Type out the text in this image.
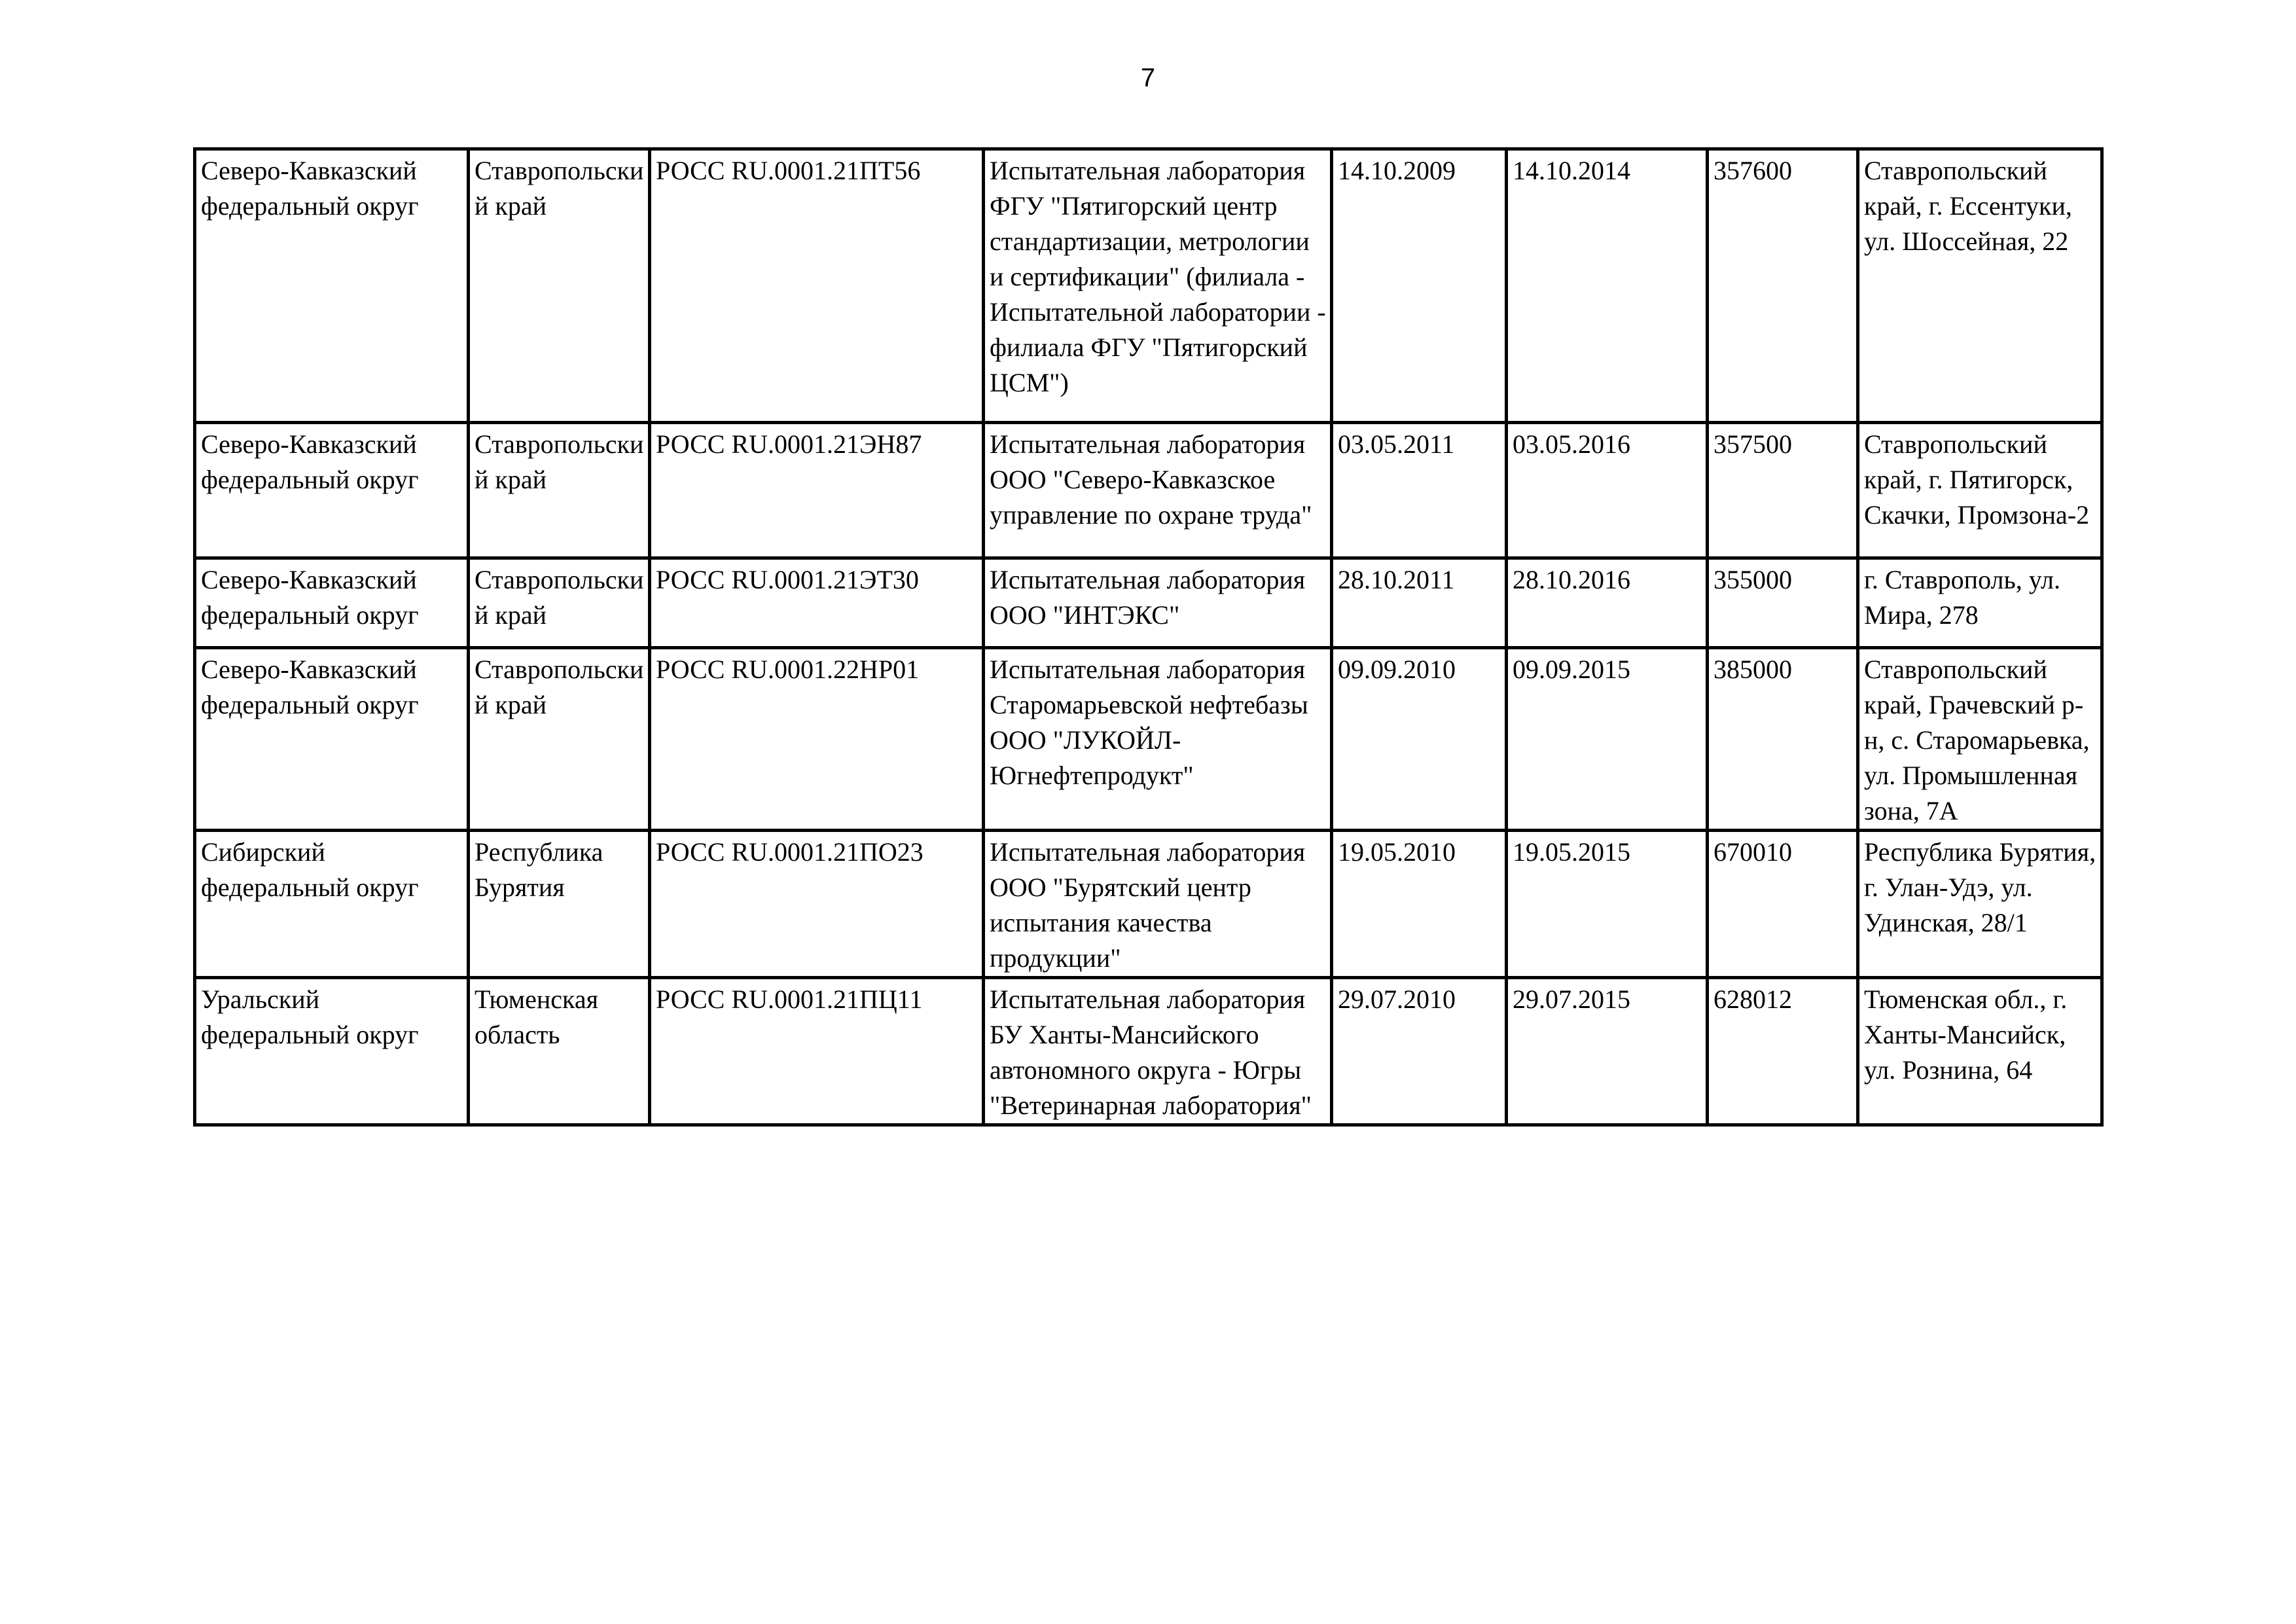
7
Северо-Кавказский федеральный округ	Ставропольский край	РОСС RU.0001.21ПТ56	Испытательная лаборатория ФГУ "Пятигорский центр стандартизации, метрологии и сертификации" (филиала - Испытательной лаборатории - филиала ФГУ "Пятигорский ЦСМ")	14.10.2009	14.10.2014	357600	Ставропольский край, г. Ессентуки, ул. Шоссейная, 22
Северо-Кавказский федеральный округ	Ставропольский край	РОСС RU.0001.21ЭН87	Испытательная лаборатория ООО "Северо-Кавказское управление по охране труда"	03.05.2011	03.05.2016	357500	Ставропольский край, г. Пятигорск, Скачки, Промзона-2
Северо-Кавказский федеральный округ	Ставропольский край	РОСС RU.0001.21ЭТ30	Испытательная лаборатория ООО "ИНТЭКС"	28.10.2011	28.10.2016	355000	г. Ставрополь, ул. Мира, 278
Северо-Кавказский федеральный округ	Ставропольский край	РОСС RU.0001.22НР01	Испытательная лаборатория Старомарьевской нефтебазы ООО "ЛУКОЙЛ-Югнефтепродукт"	09.09.2010	09.09.2015	385000	Ставропольский край, Грачевский р-н, с. Старомарьевка, ул. Промышленная зона, 7А
Сибирский федеральный округ	Республика Бурятия	РОСС RU.0001.21ПО23	Испытательная лаборатория ООО "Бурятский центр испытания качества продукции"	19.05.2010	19.05.2015	670010	Республика Бурятия, г. Улан-Удэ, ул. Удинская, 28/1
Уральский федеральный округ	Тюменская область	РОСС RU.0001.21ПЦ11	Испытательная лаборатория БУ Ханты-Мансийского автономного округа - Югры "Ветеринарная лаборатория"	29.07.2010	29.07.2015	628012	Тюменская обл., г. Ханты-Мансийск, ул. Рознина, 64
